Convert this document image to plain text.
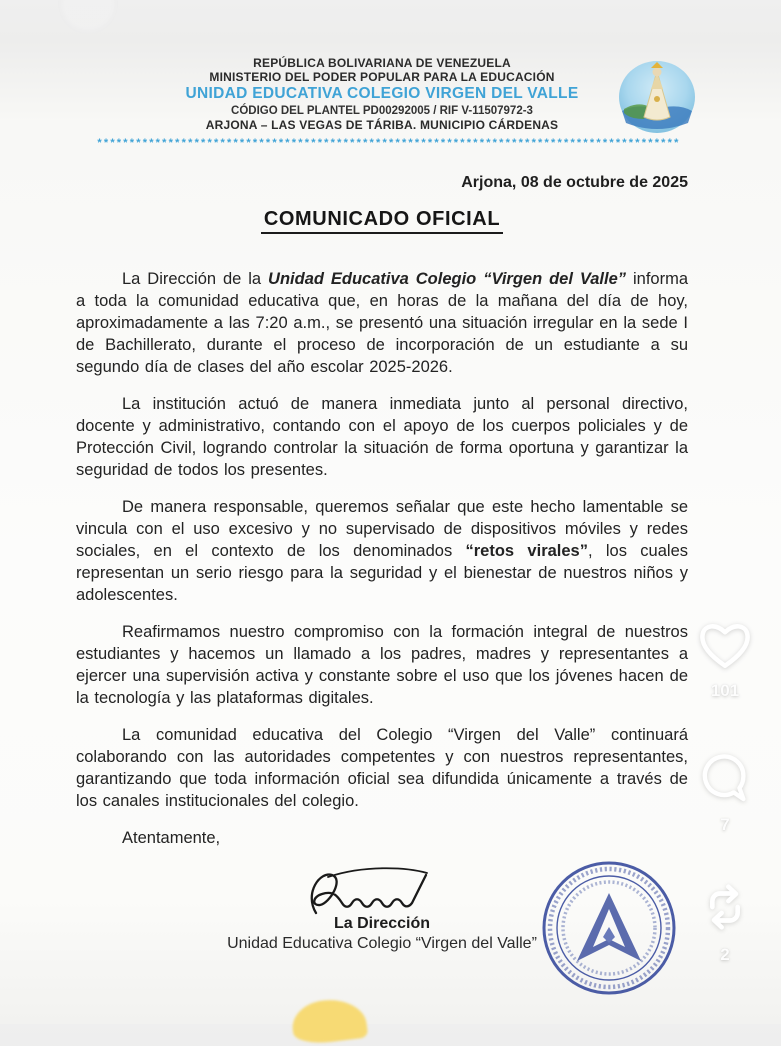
REPÚBLICA BOLIVARIANA DE VENEZUELA
MINISTERIO DEL PODER POPULAR PARA LA EDUCACIÓN
UNIDAD EDUCATIVA COLEGIO VIRGEN DEL VALLE
CÓDIGO DEL PLANTEL PD00292005 / RIF V-11507972-3
ARJONA – LAS VEGAS DE TÁRIBA. MUNICIPIO CÁRDENAS
******************************************************************************************
Arjona, 08 de octubre de 2025
COMUNICADO OFICIAL

La Dirección de la Unidad Educativa Colegio “Virgen del Valle” informa a toda la comunidad educativa que, en horas de la mañana del día de hoy, aproximadamente a las 7:20 a.m., se presentó una situación irregular en la sede I de Bachillerato, durante el proceso de incorporación de un estudiante a su segundo día de clases del año escolar 2025-2026.

La institución actuó de manera inmediata junto al personal directivo, docente y administrativo, contando con el apoyo de los cuerpos policiales y de Protección Civil, logrando controlar la situación de forma oportuna y garantizar la seguridad de todos los presentes.

De manera responsable, queremos señalar que este hecho lamentable se vincula con el uso excesivo y no supervisado de dispositivos móviles y redes sociales, en el contexto de los denominados “retos virales”, los cuales representan un serio riesgo para la seguridad y el bienestar de nuestros niños y adolescentes.

Reafirmamos nuestro compromiso con la formación integral de nuestros estudiantes y hacemos un llamado a los padres, madres y representantes a ejercer una supervisión activa y constante sobre el uso que los jóvenes hacen de la tecnología y las plataformas digitales.

La comunidad educativa del Colegio “Virgen del Valle” continuará colaborando con las autoridades competentes y con nuestros representantes, garantizando que toda información oficial sea difundida únicamente a través de los canales institucionales del colegio.

Atentamente,
La Dirección
Unidad Educativa Colegio “Virgen del Valle”
101
7
2
